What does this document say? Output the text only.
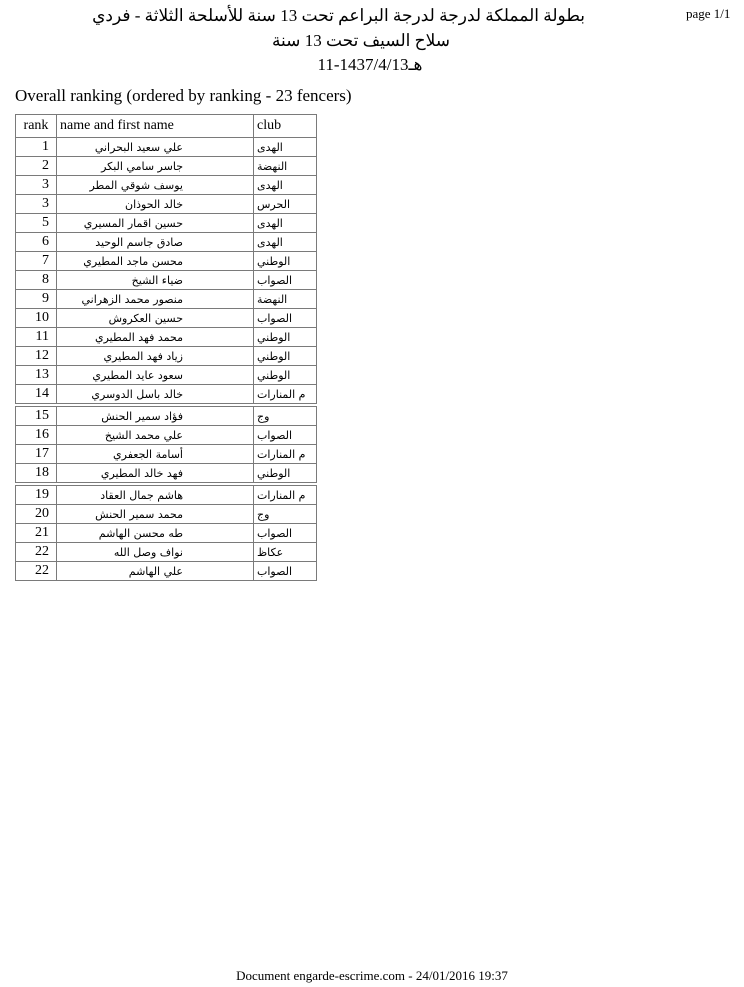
page 1/1
بطولة المملكة لدرجة لدرجة البراعم تحت 13 سنة للأسلحة الثلاثة - فردي
سلاح السيف تحت 13 سنة
11-1437/4/13هـ
Overall ranking (ordered by ranking - 23 fencers)
rank	name and first name	club
1	علي سعيد البحراني	الهدى
2	جاسر سامي البكر	النهضة
3	يوسف شوقي المطر	الهدى
3	خالد الحوذان	الحرس
5	حسين اقمار المسيري	الهدى
6	صادق جاسم الوحيد	الهدى
7	محسن ماجد المطيري	الوطني
8	ضياء الشيخ	الصواب
9	منصور محمد الزهراني	النهضة
10	حسين العكروش	الصواب
11	محمد فهد المطيري	الوطني
12	زياد فهد المطيري	الوطني
13	سعود عايد المطيري	الوطني
14	خالد باسل الدوسري	م المنارات
15	فؤاد سمير الحنش	وج
16	علي محمد الشيخ	الصواب
17	أسامة الجعفري	م المنارات
18	فهد خالد المطيري	الوطني
19	هاشم جمال العقاد	م المنارات
20	محمد سمير الحنش	وج
21	طه محسن الهاشم	الصواب
22	نواف وصل الله	عكاظ
22	علي الهاشم	الصواب
Document engarde-escrime.com - 24/01/2016 19:37
